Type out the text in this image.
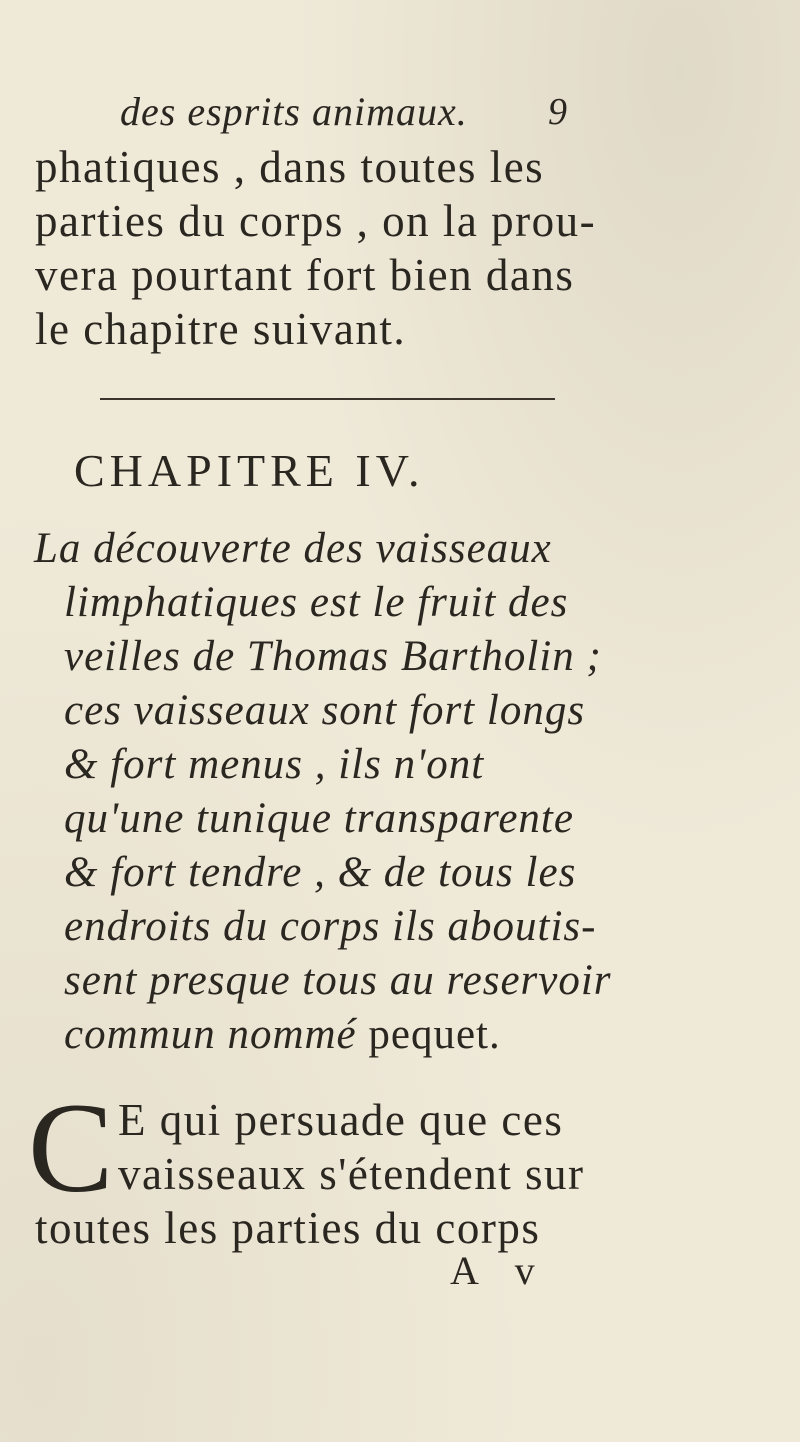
des esprits animaux.	9
phatiques , dans toutes les
parties du corps , on la prou-
vera pourtant fort bien dans
le chapitre suivant.
CHAPITRE IV.
La découverte des vaisseaux
limphatiques est le fruit des
veilles de Thomas Bartholin ;
ces vaisseaux sont fort longs
& fort menus , ils n'ont
qu'une tunique transparente
& fort tendre , & de tous les
endroits du corps ils aboutis-
sent presque tous au reservoir
commun nommé pequet.
C E qui persuade que ces
vaisseaux s'étendent sur
toutes les parties du corps
A v
